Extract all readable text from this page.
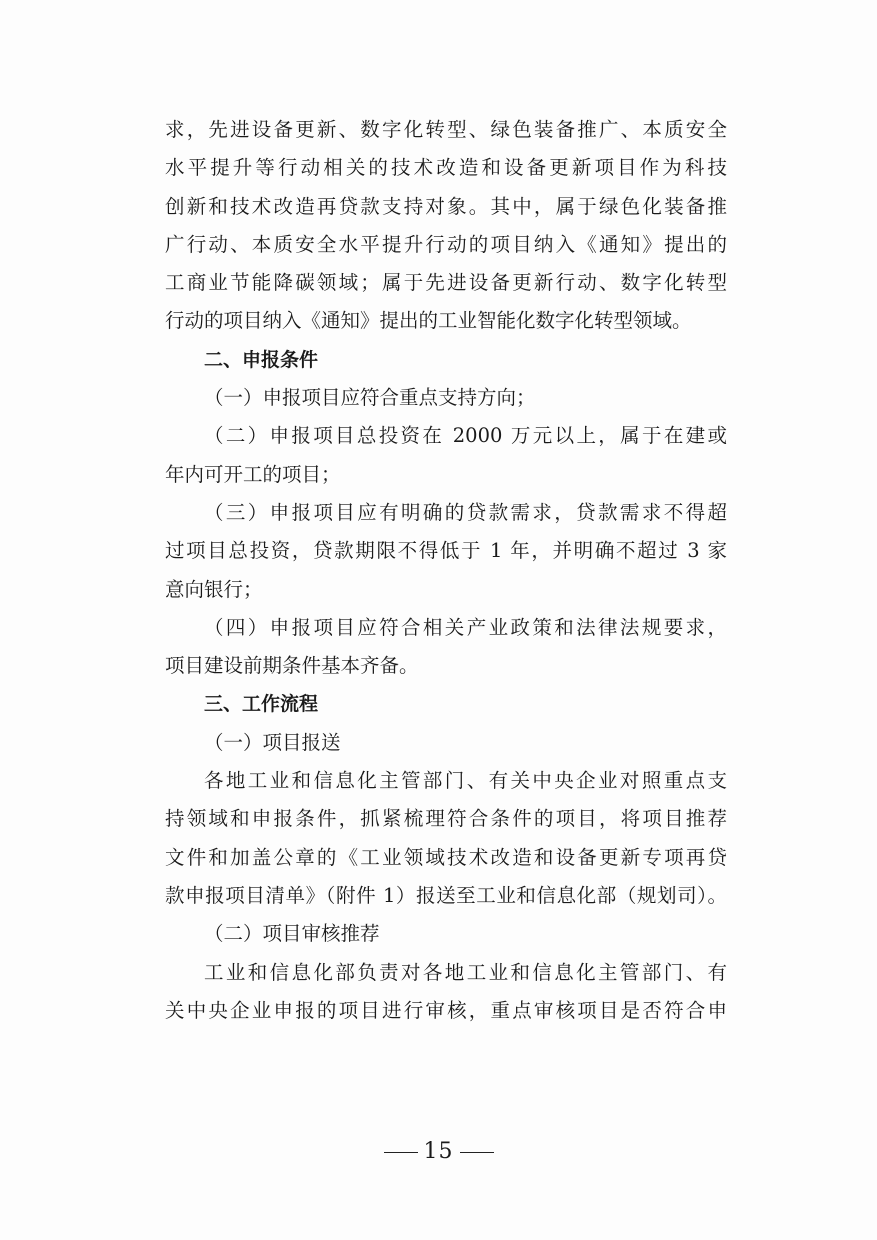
求，先进设备更新、数字化转型、绿色装备推广、本质安全
水平提升等行动相关的技术改造和设备更新项目作为科技
创新和技术改造再贷款支持对象。其中，属于绿色化装备推
广行动、本质安全水平提升行动的项目纳入《通知》提出的
工商业节能降碳领域；属于先进设备更新行动、数字化转型
行动的项目纳入《通知》提出的工业智能化数字化转型领域。
二、申报条件
（一）申报项目应符合重点支持方向；
（二）申报项目总投资在 2000 万元以上，属于在建或
年内可开工的项目；
（三）申报项目应有明确的贷款需求，贷款需求不得超
过项目总投资，贷款期限不得低于 1 年，并明确不超过 3 家
意向银行；
（四）申报项目应符合相关产业政策和法律法规要求，
项目建设前期条件基本齐备。
三、工作流程
（一）项目报送
各地工业和信息化主管部门、有关中央企业对照重点支
持领域和申报条件，抓紧梳理符合条件的项目，将项目推荐
文件和加盖公章的《工业领域技术改造和设备更新专项再贷
款申报项目清单》（附件 1）报送至工业和信息化部（规划司）。
（二）项目审核推荐
工业和信息化部负责对各地工业和信息化主管部门、有
关中央企业申报的项目进行审核，重点审核项目是否符合申
15
